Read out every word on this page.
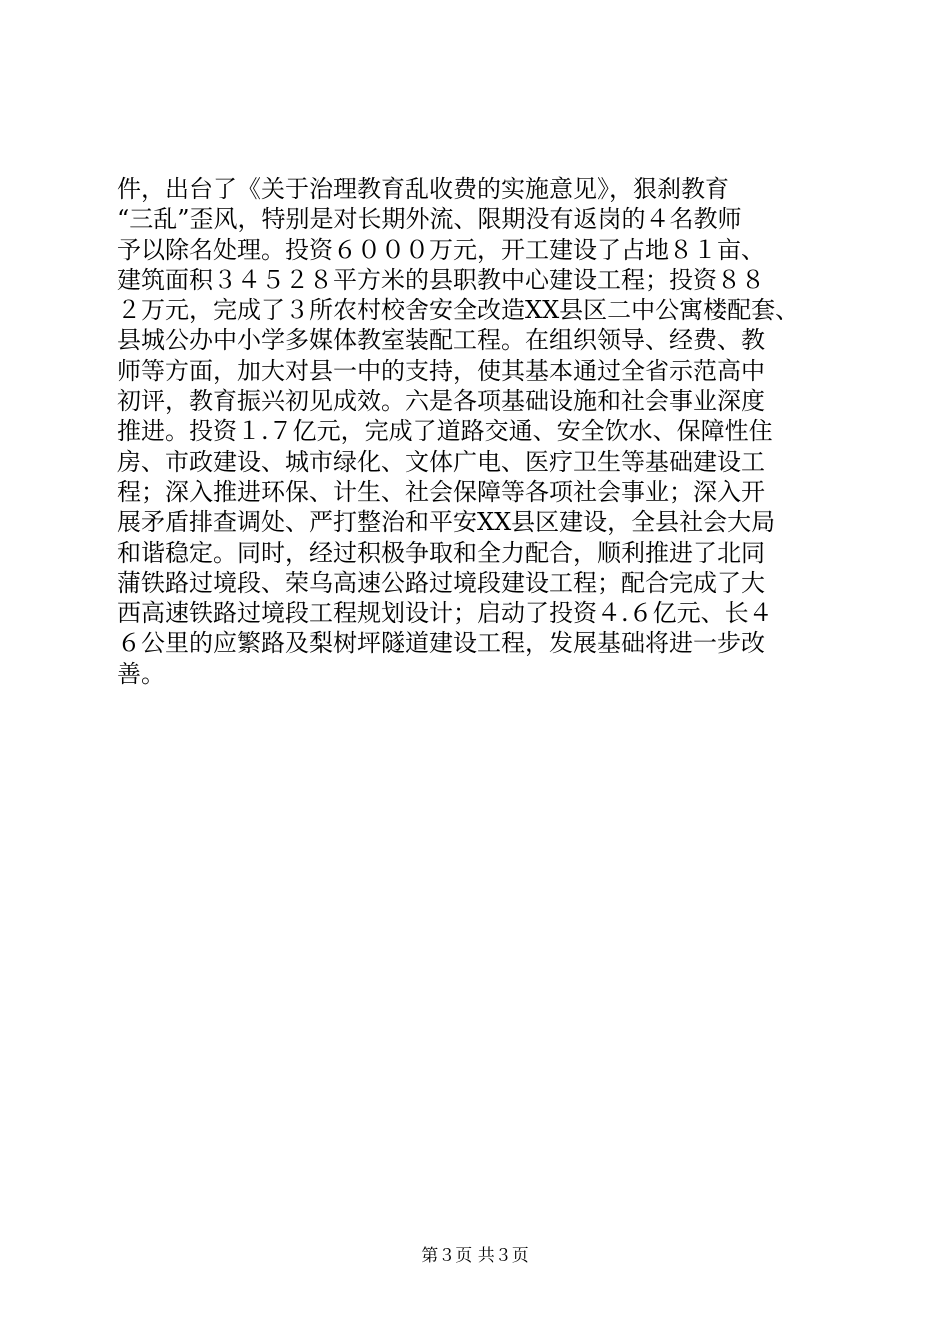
件，出台了《关于治理教育乱收费的实施意见》，狠刹教育
“三乱”歪风，特别是对长期外流、限期没有返岗的４名教师
予以除名处理。投资６０００万元，开工建设了占地８１亩、
建筑面积３４５２８平方米的县职教中心建设工程；投资８８
２万元，完成了３所农村校舍安全改造XX县区二中公寓楼配套、
县城公办中小学多媒体教室装配工程。在组织领导、经费、教
师等方面，加大对县一中的支持，使其基本通过全省示范高中
初评，教育振兴初见成效。六是各项基础设施和社会事业深度
推进。投资１.７亿元，完成了道路交通、安全饮水、保障性住
房、市政建设、城市绿化、文体广电、医疗卫生等基础建设工
程；深入推进环保、计生、社会保障等各项社会事业；深入开
展矛盾排查调处、严打整治和平安XX县区建设，全县社会大局
和谐稳定。同时，经过积极争取和全力配合，顺利推进了北同
蒲铁路过境段、荣乌高速公路过境段建设工程；配合完成了大
西高速铁路过境段工程规划设计；启动了投资４.６亿元、长４
６公里的应繁路及梨树坪隧道建设工程，发展基础将进一步改
善。
第３页 共３页
